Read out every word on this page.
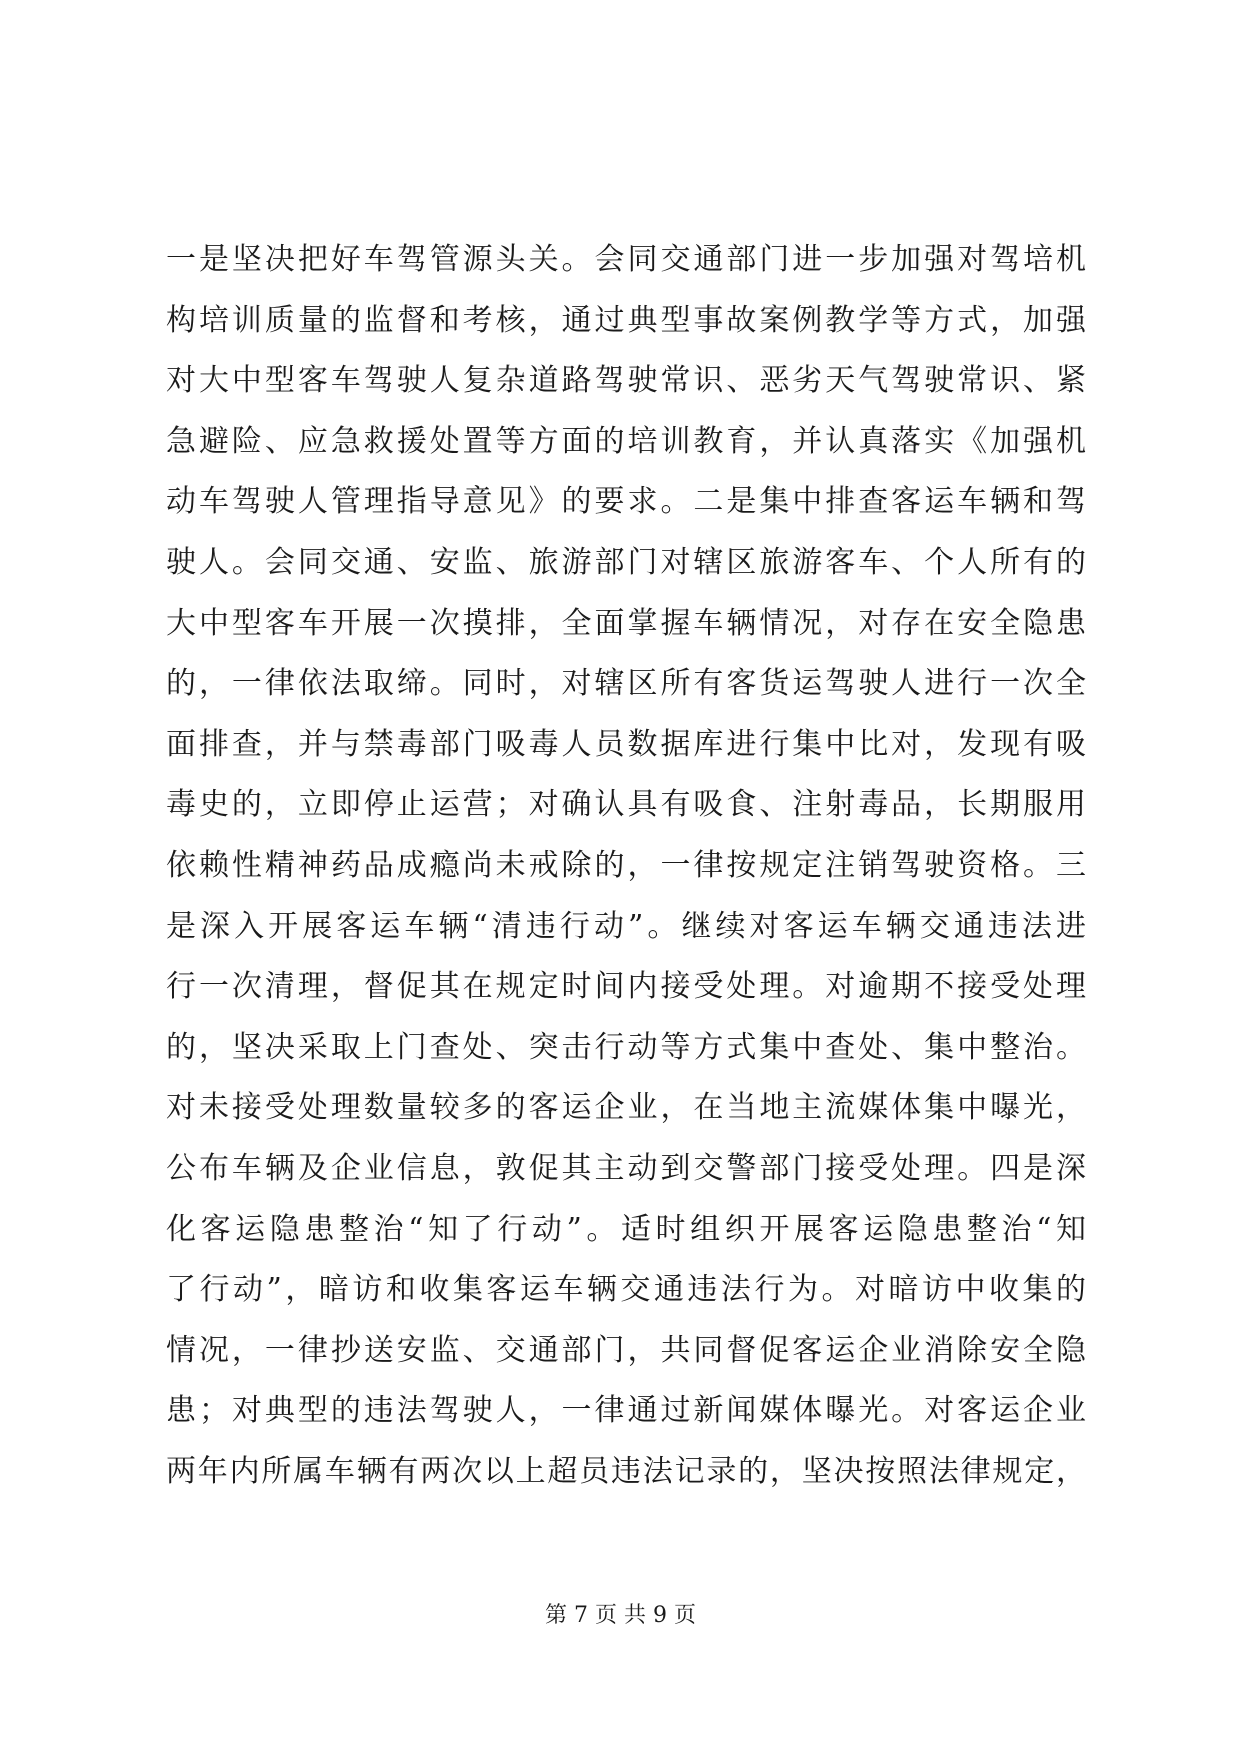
一是坚决把好车驾管源头关。会同交通部门进一步加强对驾培机
构培训质量的监督和考核，通过典型事故案例教学等方式，加强
对大中型客车驾驶人复杂道路驾驶常识、恶劣天气驾驶常识、紧
急避险、应急救援处置等方面的培训教育，并认真落实《加强机
动车驾驶人管理指导意见》的要求。二是集中排查客运车辆和驾
驶人。会同交通、安监、旅游部门对辖区旅游客车、个人所有的
大中型客车开展一次摸排，全面掌握车辆情况，对存在安全隐患
的，一律依法取缔。同时，对辖区所有客货运驾驶人进行一次全
面排查，并与禁毒部门吸毒人员数据库进行集中比对，发现有吸
毒史的，立即停止运营；对确认具有吸食、注射毒品，长期服用
依赖性精神药品成瘾尚未戒除的，一律按规定注销驾驶资格。三
是深入开展客运车辆“清违行动”。继续对客运车辆交通违法进
行一次清理，督促其在规定时间内接受处理。对逾期不接受处理
的，坚决采取上门查处、突击行动等方式集中查处、集中整治。
对未接受处理数量较多的客运企业，在当地主流媒体集中曝光，
公布车辆及企业信息，敦促其主动到交警部门接受处理。四是深
化客运隐患整治“知了行动”。适时组织开展客运隐患整治“知
了行动”，暗访和收集客运车辆交通违法行为。对暗访中收集的
情况，一律抄送安监、交通部门，共同督促客运企业消除安全隐
患；对典型的违法驾驶人，一律通过新闻媒体曝光。对客运企业
两年内所属车辆有两次以上超员违法记录的，坚决按照法律规定，
第 7 页 共 9 页
